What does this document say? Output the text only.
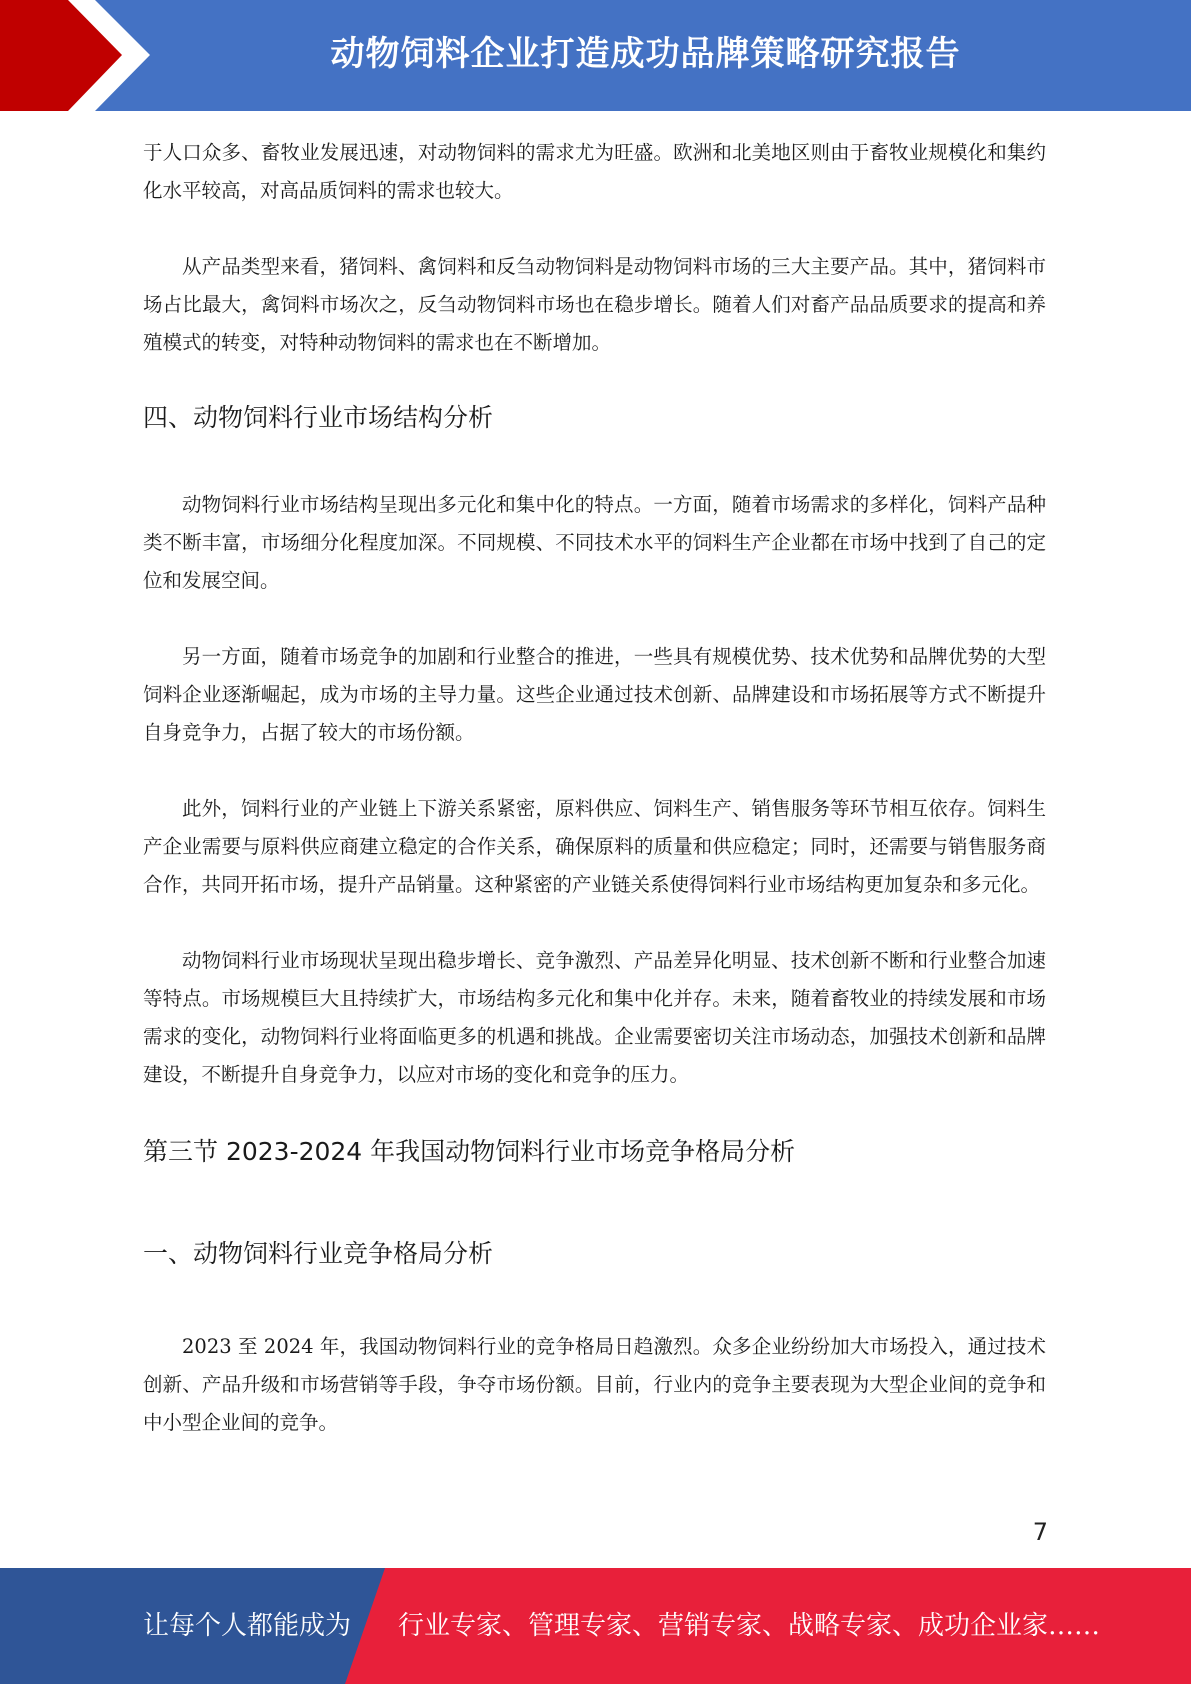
动物饲料企业打造成功品牌策略研究报告

于人口众多、畜牧业发展迅速，对动物饲料的需求尤为旺盛。欧洲和北美地区则由于畜牧业规模化和集约化水平较高，对高品质饲料的需求也较大。

从产品类型来看，猪饲料、禽饲料和反刍动物饲料是动物饲料市场的三大主要产品。其中，猪饲料市场占比最大，禽饲料市场次之，反刍动物饲料市场也在稳步增长。随着人们对畜产品品质要求的提高和养殖模式的转变，对特种动物饲料的需求也在不断增加。

四、动物饲料行业市场结构分析

动物饲料行业市场结构呈现出多元化和集中化的特点。一方面，随着市场需求的多样化，饲料产品种类不断丰富，市场细分化程度加深。不同规模、不同技术水平的饲料生产企业都在市场中找到了自己的定位和发展空间。

另一方面，随着市场竞争的加剧和行业整合的推进，一些具有规模优势、技术优势和品牌优势的大型饲料企业逐渐崛起，成为市场的主导力量。这些企业通过技术创新、品牌建设和市场拓展等方式不断提升自身竞争力，占据了较大的市场份额。

此外，饲料行业的产业链上下游关系紧密，原料供应、饲料生产、销售服务等环节相互依存。饲料生产企业需要与原料供应商建立稳定的合作关系，确保原料的质量和供应稳定；同时，还需要与销售服务商合作，共同开拓市场，提升产品销量。这种紧密的产业链关系使得饲料行业市场结构更加复杂和多元化。

动物饲料行业市场现状呈现出稳步增长、竞争激烈、产品差异化明显、技术创新不断和行业整合加速等特点。市场规模巨大且持续扩大，市场结构多元化和集中化并存。未来，随着畜牧业的持续发展和市场需求的变化，动物饲料行业将面临更多的机遇和挑战。企业需要密切关注市场动态，加强技术创新和品牌建设，不断提升自身竞争力，以应对市场的变化和竞争的压力。

第三节 2023-2024 年我国动物饲料行业市场竞争格局分析
一、动物饲料行业竞争格局分析

2023 至 2024 年，我国动物饲料行业的竞争格局日趋激烈。众多企业纷纷加大市场投入，通过技术创新、产品升级和市场营销等手段，争夺市场份额。目前，行业内的竞争主要表现为大型企业间的竞争和中小型企业间的竞争。

7
让每个人都能成为 行业专家、管理专家、营销专家、战略专家、成功企业家……
